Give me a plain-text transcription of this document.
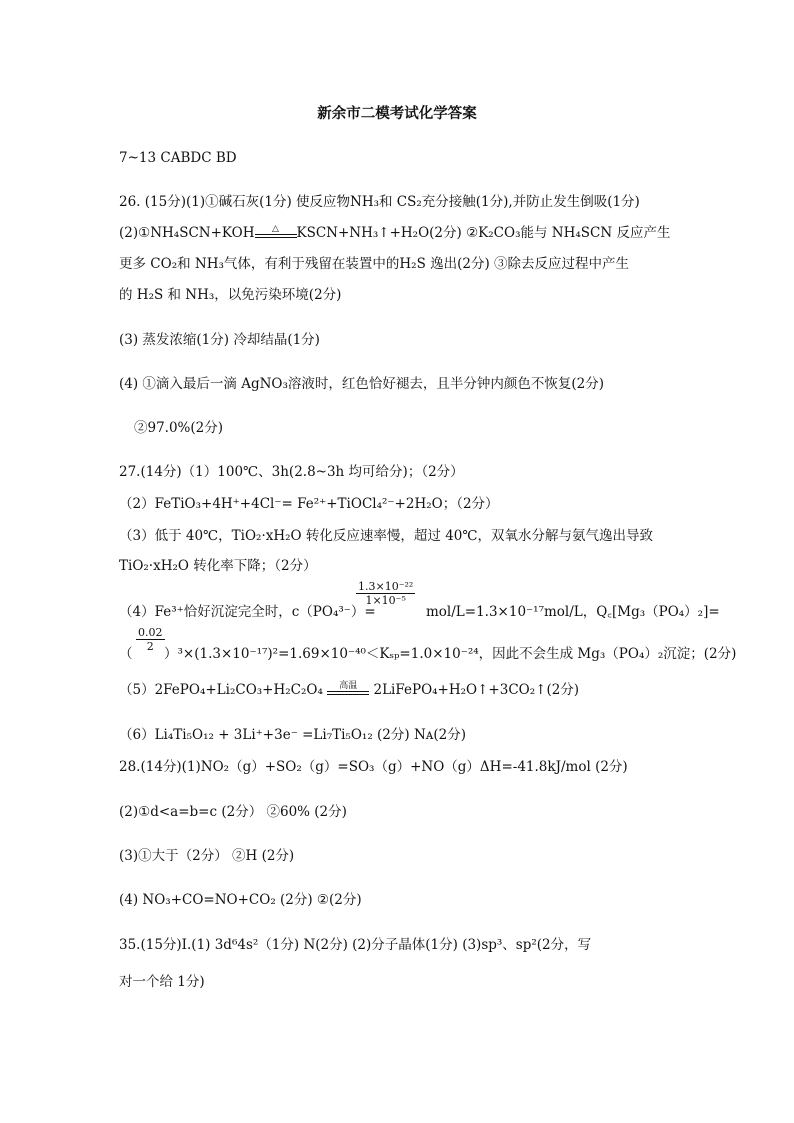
新余市二模考试化学答案
7~13 CABDC BD
26. (15分)(1)①碱石灰(1分) 使反应物NH₃和 CS₂充分接触(1分),并防止发生倒吸(1分)
(2)①NH₄SCN+KOH	△	KSCN+NH₃↑+H₂O(2分) ②K₂CO₃能与 NH₄SCN 反应产生
更多 CO₂和 NH₃气体，有利于残留在装置中的H₂S 逸出(2分) ③除去反应过程中产生
的 H₂S 和 NH₃，以免污染环境(2分)
(3) 蒸发浓缩(1分) 冷却结晶(1分)
(4) ①滴入最后一滴 AgNO₃溶液时，红色恰好褪去，且半分钟内颜色不恢复(2分)
②97.0%(2分)
27.(14分)（1）100℃、3h(2.8~3h 均可给分)；（2分）
（2）FeTiO₃+4H⁺+4Cl⁻= Fe²⁺+TiOCl₄²⁻+2H₂O；（2分）
（3）低于 40℃，TiO₂·xH₂O 转化反应速率慢，超过 40℃，双氧水分解与氨气逸出导致
TiO₂·xH₂O 转化率下降；（2分）
（4）Fe³⁺恰好沉淀完全时，c（PO₄³⁻）=
$\frac{\text{1.3×10⁻²²}}{\text{1×10⁻⁵}}$
mol/L=1.3×10⁻¹⁷mol/L，Q꜀[Mg₃（PO₄）₂]=
$\frac{0.02}{2}$
（ ）³×(1.3×10⁻¹⁷)²=1.69×10⁻⁴⁰＜Kₛₚ=1.0×10⁻²⁴，因此不会生成 Mg₃（PO₄）₂沉淀；(2分)
（5）2FePO₄+Li₂CO₃+H₂C₂O₄	高温	2LiFePO₄+H₂O↑+3CO₂↑(2分)
（6）Li₄Ti₅O₁₂ + 3Li⁺+3e⁻ =Li₇Ti₅O₁₂ (2分) Nᴀ(2分)
28.(14分)(1)NO₂（g）+SO₂（g）=SO₃（g）+NO（g）ΔH=-41.8kJ/mol (2分)
(2)①d<a=b=c (2分） ②60% (2分)
(3)①大于（2分） ②H (2分)
(4) NO₃+CO=NO+CO₂ (2分) ②(2分)
35.(15分)I.(1) 3d⁶4s²（1分) N(2分) (2)分子晶体(1分) (3)sp³、sp²(2分，写
对一个给 1分)
